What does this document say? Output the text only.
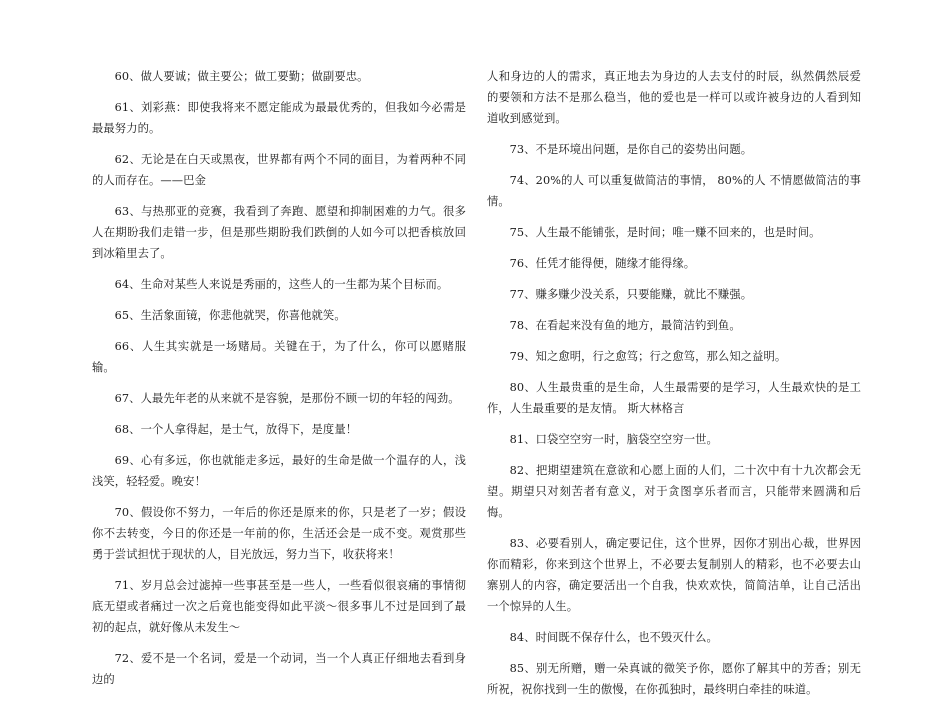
60、做人要诚；做主要公；做工要勤；做副要忠。

61、刘彩燕：即使我将来不愿定能成为最最优秀的，但我如今必需是最最努力的。

62、无论是在白天或黑夜，世界都有两个不同的面目，为着两种不同的人而存在。——巴金

63、与热那亚的竞赛，我看到了奔跑、愿望和抑制困难的力气。很多人在期盼我们走错一步，但是那些期盼我们跌倒的人如今可以把香槟放回到冰箱里去了。

64、生命对某些人来说是秀丽的，这些人的一生都为某个目标而。

65、生活象面镜，你悲他就哭，你喜他就笑。

66、人生其实就是一场赌局。关键在于，为了什么，你可以愿赌服输。

67、人最先年老的从来就不是容貌，是那份不顾一切的年轻的闯劲。

68、一个人拿得起，是士气，放得下，是度量！

69、心有多远，你也就能走多远，最好的生命是做一个温存的人，浅浅笑，轻轻爱。晚安！

70、假设你不努力，一年后的你还是原来的你，只是老了一岁；假设你不去转变，今日的你还是一年前的你，生活还会是一成不变。观赏那些勇于尝试担忧于现状的人，目光放远，努力当下，收获将来！

71、岁月总会过滤掉一些事甚至是一些人，一些看似很哀痛的事情彻底无望或者痛过一次之后竟也能变得如此平淡～很多事儿不过是回到了最初的起点，就好像从未发生～

72、爱不是一个名词，爱是一个动词，当一个人真正仔细地去看到身边的

人和身边的人的需求，真正地去为身边的人去支付的时辰，纵然偶然辰爱的要领和方法不是那么稳当，他的爱也是一样可以或许被身边的人看到知道收到感觉到。

73、不是环境出问题，是你自己的姿势出问题。

74、20%的人 可以重复做简洁的事情， 80%的人 不情愿做简洁的事情。

75、人生最不能铺张，是时间；唯一赚不回来的，也是时间。

76、任凭才能得便，随缘才能得缘。

77、赚多赚少没关系，只要能赚，就比不赚强。

78、在看起来没有鱼的地方，最简洁钓到鱼。

79、知之愈明，行之愈笃；行之愈笃，那么知之益明。

80、人生最贵重的是生命，人生最需要的是学习，人生最欢快的是工作，人生最重要的是友情。 斯大林格言

81、口袋空空穷一时，脑袋空空穷一世。

82、把期望建筑在意欲和心愿上面的人们，二十次中有十九次都会无望。期望只对刻苦者有意义，对于贪图享乐者而言，只能带来圆满和后悔。

83、必要看别人，确定要记住，这个世界，因你才别出心裁，世界因你而精彩，你来到这个世界上，不必要去复制别人的精彩，也不必要去山寨别人的内容，确定要活出一个自我，快欢欢快，简简洁单，让自己活出一个惊异的人生。

84、时间既不保存什么，也不毁灭什么。

85、别无所赠，赠一朵真诚的微笑予你，愿你了解其中的芳香；别无所祝，祝你找到一生的傲慢，在你孤独时，最终明白牵挂的味道。
